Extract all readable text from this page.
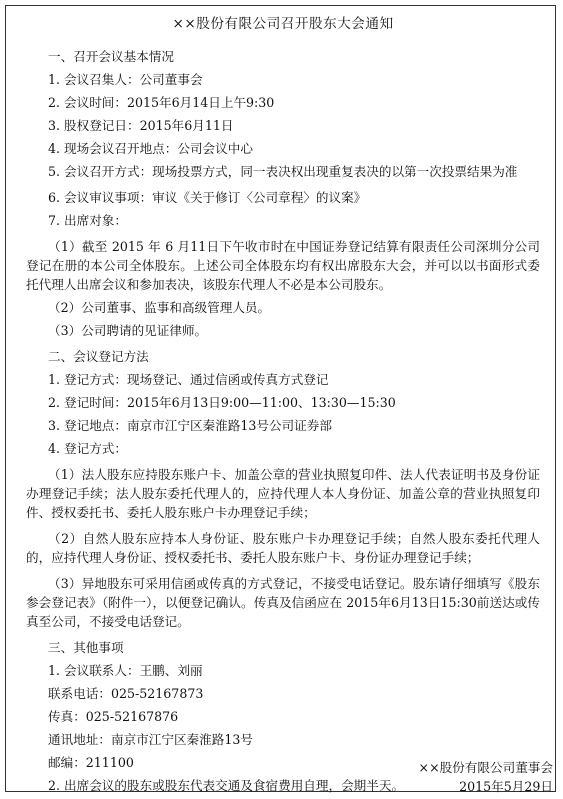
××股份有限公司召开股东大会通知
一、召开会议基本情况
1. 会议召集人：公司董事会
2. 会议时间：2015年6月14日上午9:30
3. 股权登记日：2015年6月11日
4. 现场会议召开地点：公司会议中心
5. 会议召开方式：现场投票方式，同一表决权出现重复表决的以第一次投票结果为准
6. 会议审议事项：审议《关于修订〈公司章程〉的议案》
7. 出席对象：
（1）截至 2015 年 6 月11日下午收市时在中国证券登记结算有限责任公司深圳分公司登记在册的本公司全体股东。上述公司全体股东均有权出席股东大会，并可以以书面形式委托代理人出席会议和参加表决，该股东代理人不必是本公司股东。
（2）公司董事、监事和高级管理人员。
（3）公司聘请的见证律师。
二、会议登记方法
1. 登记方式：现场登记、通过信函或传真方式登记
2. 登记时间：2015年6月13日9:00—11:00、13:30—15:30
3. 登记地点：南京市江宁区秦淮路13号公司证券部
4. 登记方式：
（1）法人股东应持股东账户卡、加盖公章的营业执照复印件、法人代表证明书及身份证办理登记手续；法人股东委托代理人的，应持代理人本人身份证、加盖公章的营业执照复印件、授权委托书、委托人股东账户卡办理登记手续；
（2）自然人股东应持本人身份证、股东账户卡办理登记手续；自然人股东委托代理人的，应持代理人身份证、授权委托书、委托人股东账户卡、身份证办理登记手续；
（3）异地股东可采用信函或传真的方式登记，不接受电话登记。股东请仔细填写《股东参会登记表》（附件一），以便登记确认。传真及信函应在 2015年6月13日15:30前送达或传真至公司，不接受电话登记。
三、其他事项
1. 会议联系人：王鹏、刘丽
联系电话：025-52167873
传真：025-52167876
通讯地址：南京市江宁区秦淮路13号
邮编：211100
2. 出席会议的股东或股东代表交通及食宿费用自理，会期半天。
××股份有限公司董事会
2015年5月29日
